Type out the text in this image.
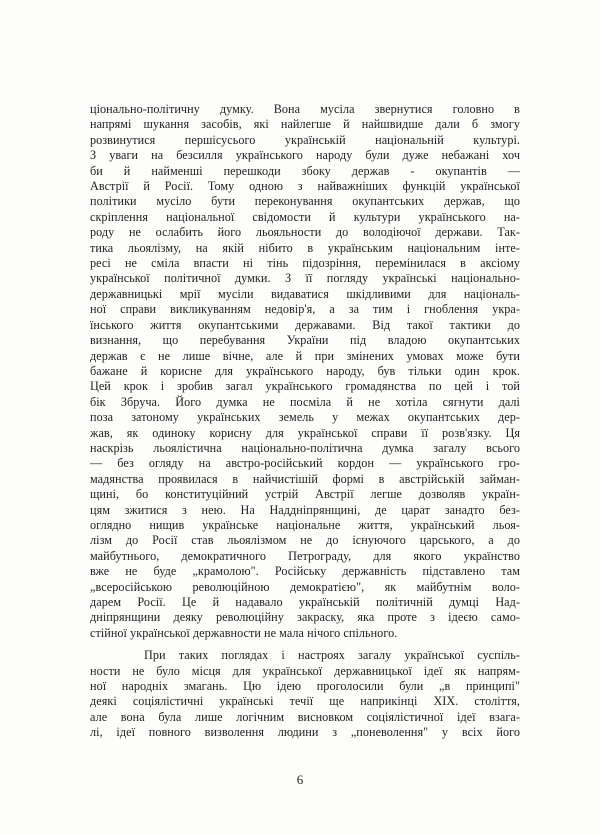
ціонально-політичну думку. Вона мусіла звернутися головно в
напрямі шукання засобів, які найлегше й найшвидше дали б змогу
розвинутися першісусього українській національній культурі.
З уваги на безсилля українського народу були дуже небажані хоч
би й найменші перешкоди збоку держав - окупантів —
Австрії й Росії. Тому одною з найважніших функцій української
політики мусіло бути переконування окупантських держав, що
скріплення національної свідомости й культури українського на-
роду не ослабить його льояльности до володіючої держави. Так-
тика льоялізму, на якій нібито в українським національним інте-
ресі не сміла впасти ні тінь підозріння, перемінилася в аксіому
української політичної думки. З її погляду українські національно-
державницькі мрії мусіли видаватися шкідливими для національ-
ної справи викликуванням недовір'я, а за тим і гноблення укра-
їнського життя окупантськими державами. Від такої тактики до
визнання, що перебування України під владою окупантських
держав є не лише вічне, але й при змінених умовах може бути
бажане й корисне для українського народу, був тільки один крок.
Цей крок і зробив загал українського громадянства по цей і той
бік Збруча. Його думка не посміла й не хотіла сягнути далі
поза затоному українських земель у межах окупантських дер-
жав, як одиноку корисну для української справи її розв'язку. Ця
наскрізь льоялістична національно-політична думка загалу всього
— без огляду на австро-російський кордон — українського гро-
мадянства проявилася в найчистішій формі в австрійській займан-
щині, бо конституційний устрій Австрії легше дозволяв україн-
цям зжитися з нею. На Наддніпрянщині, де царат занадто без-
оглядно нищив українське національне життя, український льоя-
лізм до Росії став льоялізмом не до існуючого царського, а до
майбутнього, демократичного Петрограду, для якого українство
вже не буде „крамолою". Російську державність підставлено там
„всеросійською революційною демократією", як майбутнім воло-
дарем Росії. Це й надавало українській політичній думці Над-
дніпрянщини деяку революційну закраску, яка проте з ідеєю само-
стійної української державности не мала нічого спільного.
При таких поглядах і настроях загалу української суспіль-
ности не було місця для української державницької ідеї як напрям-
ної народніх змагань. Цю ідею проголосили були „в принципі"
деякі соціялістичні українські течії ще наприкінці XIX. століття,
але вона була лише логічним висновком соціялістичної ідеї взага-
лі, ідеї повного визволення людини з „поневолення" у всіх його
6
